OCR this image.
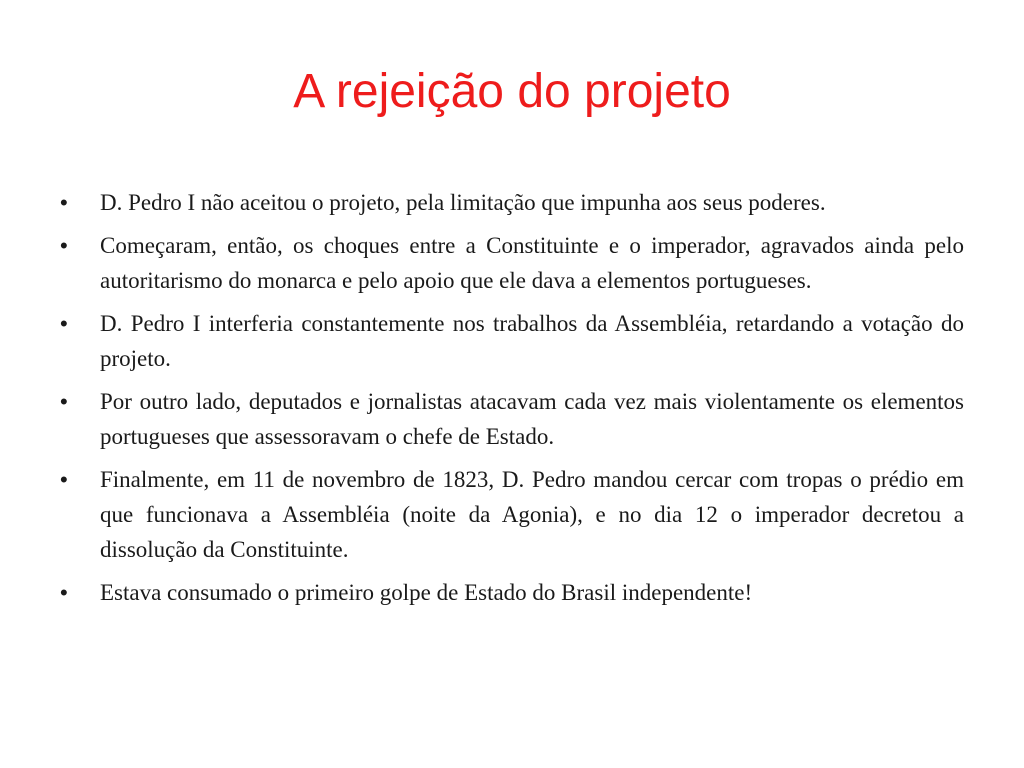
A rejeição do projeto
• D. Pedro I não aceitou o projeto, pela limitação que impunha aos seus poderes.
• Começaram, então, os choques entre a Constituinte e o imperador, agravados ainda pelo autoritarismo do monarca e pelo apoio que ele dava a elementos portugueses.
• D. Pedro I interferia constantemente nos trabalhos da Assembléia, retardando a votação do projeto.
• Por outro lado, deputados e jornalistas atacavam cada vez mais violentamente os elementos portugueses que assessoravam o chefe de Estado.
• Finalmente, em 11 de novembro de 1823, D. Pedro mandou cercar com tropas o prédio em que funcionava a Assembléia (noite da Agonia), e no dia 12 o imperador decretou a dissolução da Constituinte.
• Estava consumado o primeiro golpe de Estado do Brasil independente!
